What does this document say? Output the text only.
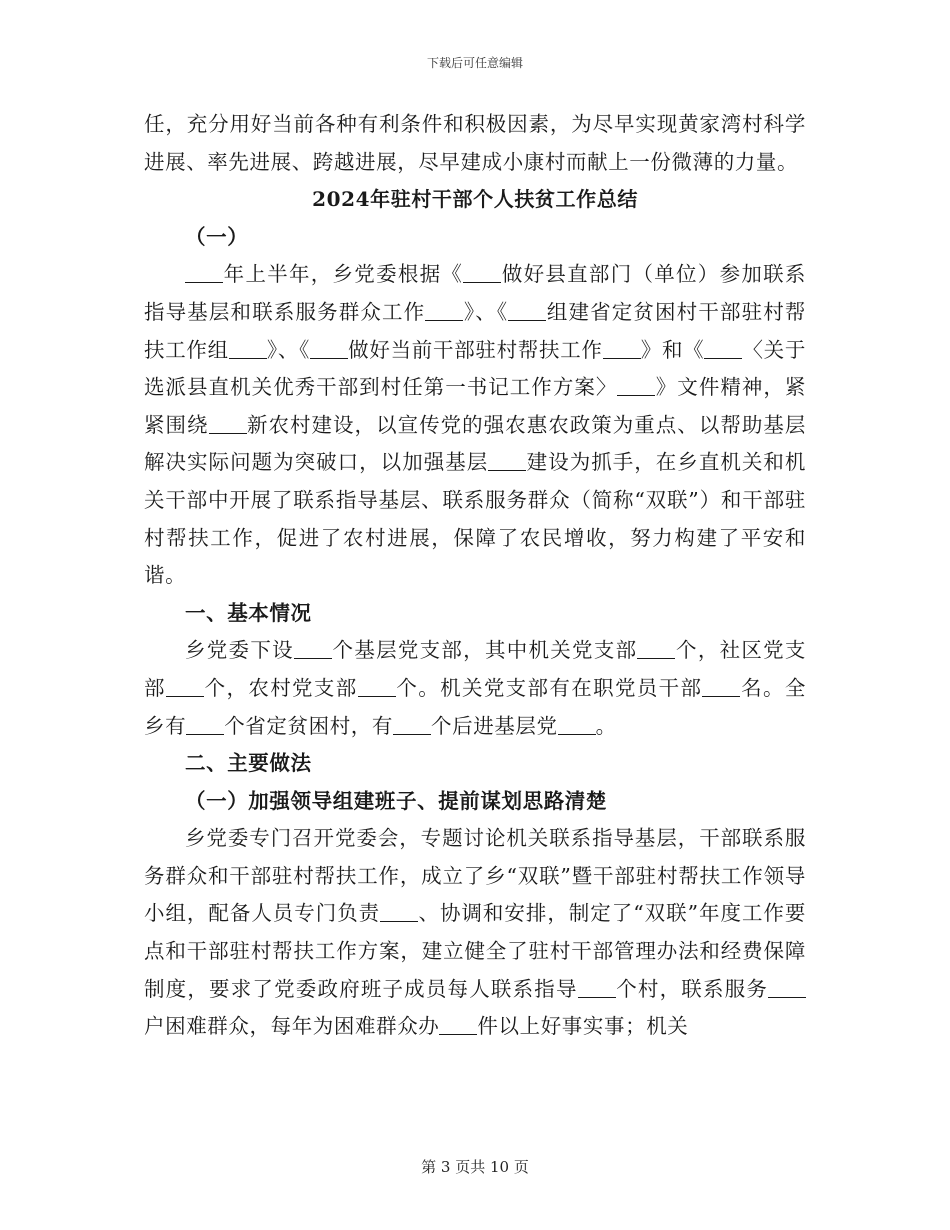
下载后可任意编辑

任，充分用好当前各种有利条件和积极因素，为尽早实现黄家湾村科学进展、率先进展、跨越进展，尽早建成小康村而献上一份微薄的力量。

2024年驻村干部个人扶贫工作总结

（一）

年上半年，乡党委根据《 做好县直部门（单位）参加联系指导基层和联系服务群众工作 》、《 组建省定贫困村干部驻村帮扶工作组 》、《 做好当前干部驻村帮扶工作 》和《 〈关于选派县直机关优秀干部到村任第一书记工作方案〉 》文件精神，紧紧围绕 新农村建设，以宣传党的强农惠农政策为重点、以帮助基层解决实际问题为突破口，以加强基层 建设为抓手，在乡直机关和机关干部中开展了联系指导基层、联系服务群众（简称“双联”）和干部驻村帮扶工作，促进了农村进展，保障了农民增收，努力构建了平安和谐。

一、基本情况

乡党委下设 个基层党支部，其中机关党支部 个，社区党支部 个，农村党支部 个。机关党支部有在职党员干部 名。全乡有 个省定贫困村，有 个后进基层党 。

二、主要做法

（一）加强领导组建班子、提前谋划思路清楚

乡党委专门召开党委会，专题讨论机关联系指导基层，干部联系服务群众和干部驻村帮扶工作，成立了乡“双联”暨干部驻村帮扶工作领导小组，配备人员专门负责 、协调和安排，制定了“双联”年度工作要点和干部驻村帮扶工作方案，建立健全了驻村干部管理办法和经费保障制度，要求了党委政府班子成员每人联系指导 个村，联系服务户困难群众，每年为困难群众办 件以上好事实事；机关

第 3 页共 10 页
